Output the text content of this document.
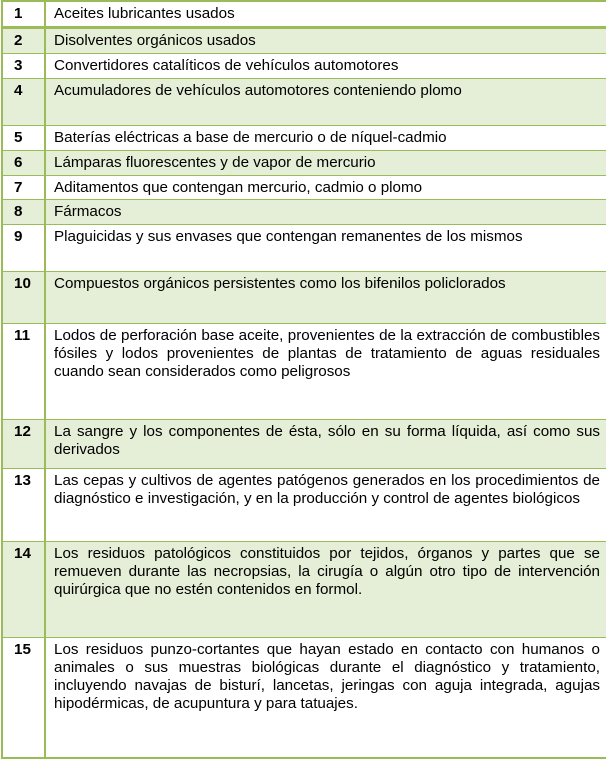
1	Aceites lubricantes usados
2	Disolventes orgánicos usados
3	Convertidores catalíticos de vehículos automotores
4	Acumuladores de vehículos automotores conteniendo plomo
5	Baterías eléctricas a base de mercurio o de níquel-cadmio
6	Lámparas fluorescentes y de vapor de mercurio
7	Aditamentos que contengan mercurio, cadmio o plomo
8	Fármacos
9	Plaguicidas y sus envases que contengan remanentes de los mismos
10	Compuestos orgánicos persistentes como los bifenilos policlorados
11	Lodos de perforación base aceite, provenientes de la extracción de combustibles fósiles y lodos provenientes de plantas de tratamiento de aguas residuales cuando sean considerados como peligrosos
12	La sangre y los componentes de ésta, sólo en su forma líquida, así como sus derivados
13	Las cepas y cultivos de agentes patógenos generados en los procedimientos de diagnóstico e investigación, y en la producción y control de agentes biológicos
14	Los residuos patológicos constituidos por tejidos, órganos y partes que se remueven durante las necropsias, la cirugía o algún otro tipo de intervención quirúrgica que no estén contenidos en formol.
15	Los residuos punzo-cortantes que hayan estado en contacto con humanos o animales o sus muestras biológicas durante el diagnóstico y tratamiento, incluyendo navajas de bisturí, lancetas, jeringas con aguja integrada, agujas hipodérmicas, de acupuntura y para tatuajes.
